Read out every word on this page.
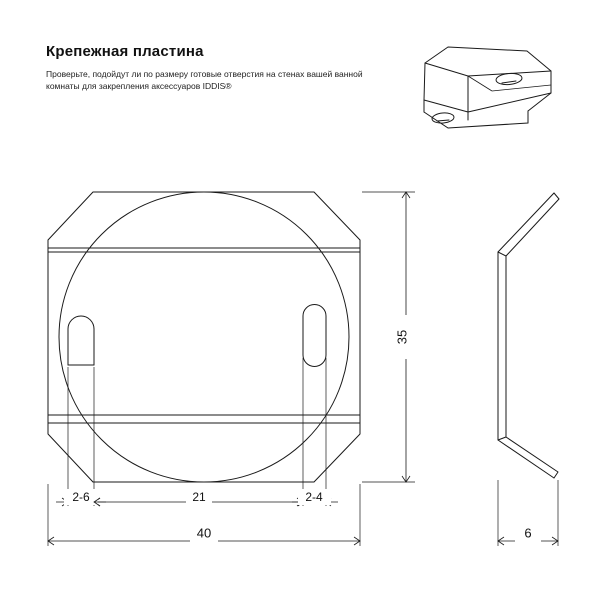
Крепежная пластина

Проверьте, подойдут ли по размеру готовые отверстия на стенах вашей ванной комнаты для закрепления аксессуаров IDDIS®

35
2-6	21	2-4
40	6
